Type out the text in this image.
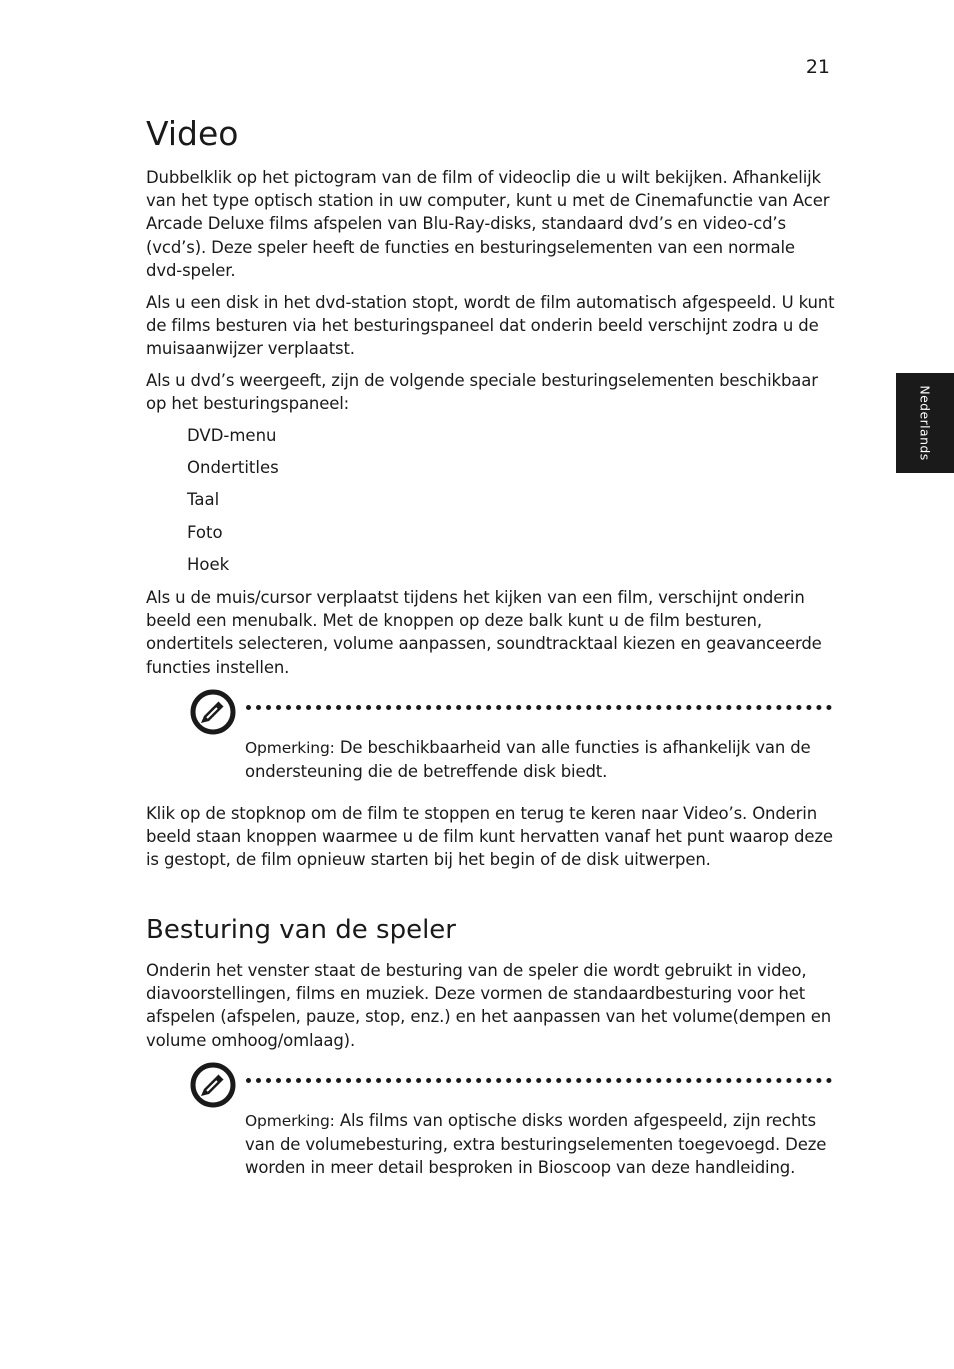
21
Nederlands
Video

Dubbelklik op het pictogram van de film of videoclip die u wilt bekijken. Afhankelijk van het type optisch station in uw computer, kunt u met de Cinemafunctie van Acer Arcade Deluxe films afspelen van Blu-Ray-disks, standaard dvd’s en video-cd’s (vcd’s). Deze speler heeft de functies en besturingselementen van een normale dvd-speler.

Als u een disk in het dvd-station stopt, wordt de film automatisch afgespeeld. U kunt de films besturen via het besturingspaneel dat onderin beeld verschijnt zodra u de muisaanwijzer verplaatst.

Als u dvd’s weergeeft, zijn de volgende speciale besturingselementen beschikbaar op het besturingspaneel:

DVD-menu
Ondertitles
Taal
Foto
Hoek

Als u de muis/cursor verplaatst tijdens het kijken van een film, verschijnt onderin beeld een menubalk. Met de knoppen op deze balk kunt u de film besturen, ondertitels selecteren, volume aanpassen, soundtracktaal kiezen en geavanceerde functies instellen.

Opmerking: De beschikbaarheid van alle functies is afhankelijk van de ondersteuning die de betreffende disk biedt.

Klik op de stopknop om de film te stoppen en terug te keren naar Video’s. Onderin beeld staan knoppen waarmee u de film kunt hervatten vanaf het punt waarop deze is gestopt, de film opnieuw starten bij het begin of de disk uitwerpen.

Besturing van de speler

Onderin het venster staat de besturing van de speler die wordt gebruikt in video, diavoorstellingen, films en muziek. Deze vormen de standaardbesturing voor het afspelen (afspelen, pauze, stop, enz.) en het aanpassen van het volume(dempen en volume omhoog/omlaag).

Opmerking: Als films van optische disks worden afgespeeld, zijn rechts van de volumebesturing, extra besturingselementen toegevoegd. Deze worden in meer detail besproken in Bioscoop van deze handleiding.
